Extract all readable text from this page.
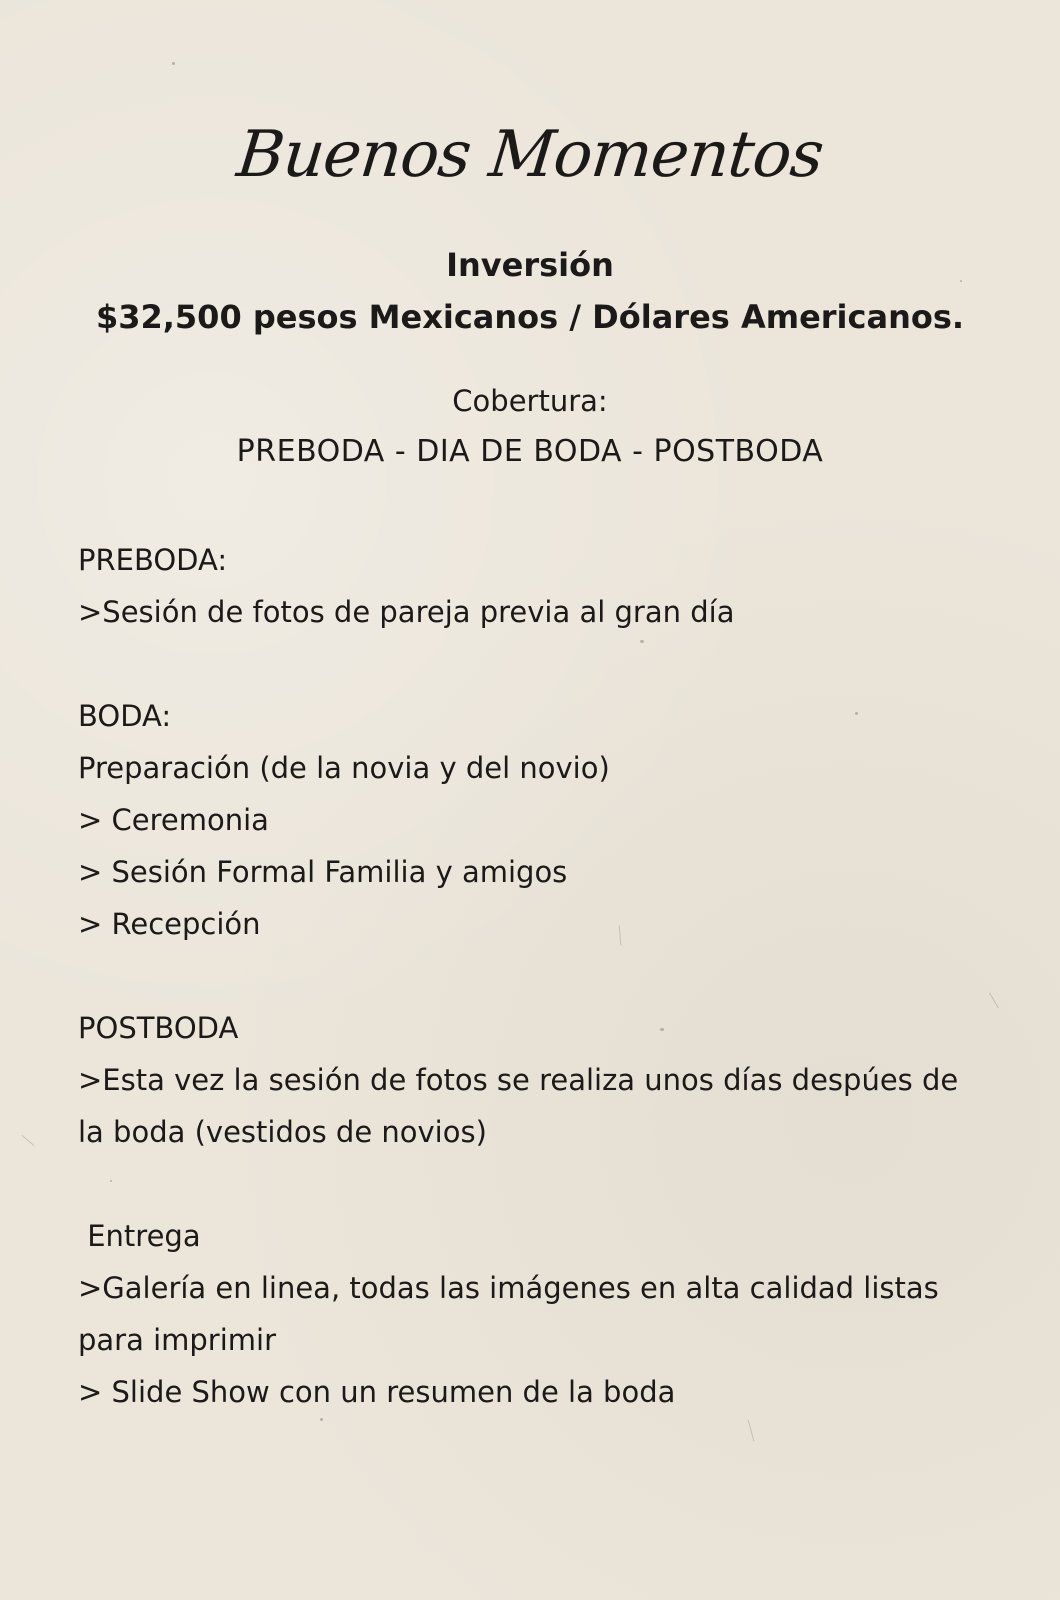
Buenos Momentos
Inversión
$32,500 pesos Mexicanos / Dólares Americanos.
Cobertura:
PREBODA - DIA DE BODA - POSTBODA
PREBODA:
>Sesión de fotos de pareja previa al gran día
BODA:
Preparación (de la novia y del novio)
> Ceremonia
> Sesión Formal Familia y amigos
> Recepción
POSTBODA
>Esta vez la sesión de fotos se realiza unos días despúes de la boda (vestidos de novios)
Entrega
>Galería en linea, todas las imágenes en alta calidad listas para imprimir
> Slide Show con un resumen de la boda
